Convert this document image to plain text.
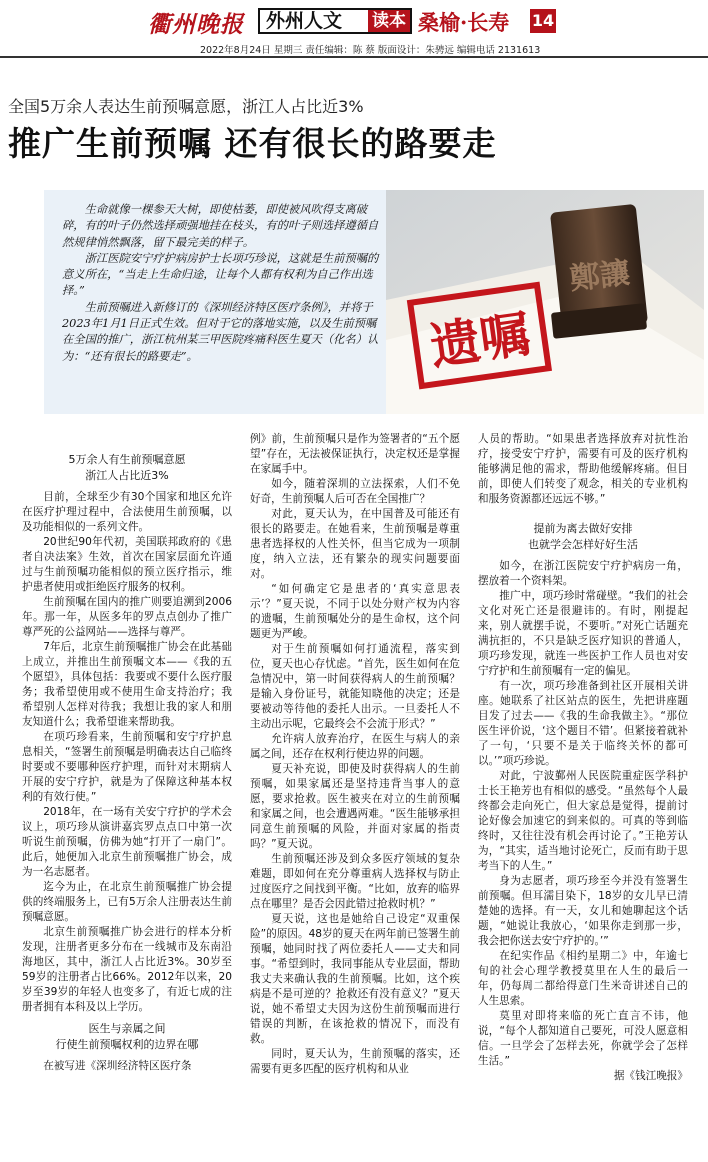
衢州晚报	外州人文	读本 桑榆·长寿 14
2022年8月24日 星期三 责任编辑：陈 蔡 版面设计：朱骋远 编辑电话 2131613
全国5万余人表达生前预嘱意愿，浙江人占比近3%
推广生前预嘱 还有很长的路要走

生命就像一棵参天大树，即使枯萎，即使被风吹得支离破碎，有的叶子仍然选择顽强地挂在枝头，有的叶子则选择遵循自然规律悄然飘落，留下最完美的样子。

浙江医院安宁疗护病房护士长项巧珍说，这就是生前预嘱的意义所在，“当走上生命归途，让每个人都有权利为自己作出选择。”

生前预嘱进入新修订的《深圳经济特区医疗条例》，并将于2023年1月1日正式生效。但对于它的落地实施，以及生前预嘱在全国的推广，浙江杭州某三甲医院疼痛科医生夏天（化名）认为：“还有很长的路要走”。

鄭讓
遗嘱
5万余人有生前预嘱意愿
浙江人占比近3%

目前，全球至少有30个国家和地区允许在医疗护理过程中，合法使用生前预嘱，以及功能相似的一系列文件。

20世纪90年代初，美国联邦政府的《患者自决法案》生效，首次在国家层面允许通过与生前预嘱功能相似的预立医疗指示，维护患者使用或拒绝医疗服务的权利。

生前预嘱在国内的推广则要追溯到2006年。那一年，从医多年的罗点点创办了推广尊严死的公益网站——选择与尊严。

7年后，北京生前预嘱推广协会在此基础上成立，并推出生前预嘱文本——《我的五个愿望》，具体包括：我要或不要什么医疗服务；我希望使用或不使用生命支持治疗；我希望别人怎样对待我；我想让我的家人和朋友知道什么；我希望谁来帮助我。

在项巧珍看来，生前预嘱和安宁疗护息息相关，“签署生前预嘱是明确表达自己临终时要或不要哪种医疗护理，而针对末期病人开展的安宁疗护，就是为了保障这种基本权利的有效行使。”

2018年，在一场有关安宁疗护的学术会议上，项巧珍从演讲嘉宾罗点点口中第一次听说生前预嘱，仿佛为她“打开了一扇门”。此后，她便加入北京生前预嘱推广协会，成为一名志愿者。

迄今为止，在北京生前预嘱推广协会提供的终端服务上，已有5万余人注册表达生前预嘱意愿。

北京生前预嘱推广协会进行的样本分析发现，注册者更多分布在一线城市及东南沿海地区，其中，浙江人占比近3%。30岁至59岁的注册者占比66%。2012年以来，20岁至39岁的年轻人也变多了，有近七成的注册者拥有本科及以上学历。

医生与亲属之间
行使生前预嘱权利的边界在哪

在被写进《深圳经济特区医疗条

例》前，生前预嘱只是作为签署者的“五个愿望”存在，无法被保证执行，决定权还是掌握在家属手中。

如今，随着深圳的立法探索，人们不免好奇，生前预嘱人后可否在全国推广？

对此，夏天认为，在中国普及可能还有很长的路要走。在她看来，生前预嘱是尊重患者选择权的人性关怀，但当它成为一项制度，纳入立法，还有繁杂的现实问题要面对。

“如何确定它是患者的‘真实意思表示’？”夏天说，不同于以处分财产权为内容的遗嘱，生前预嘱处分的是生命权，这个问题更为严峻。

对于生前预嘱如何打通流程，落实到位，夏天也心存忧虑。“首先，医生如何在危急情况中，第一时间获得病人的生前预嘱？是输入身份证号，就能知晓他的决定；还是要被动等待他的委托人出示。一旦委托人不主动出示呢，它最终会不会流于形式？”

允许病人放弃治疗，在医生与病人的亲属之间，还存在权利行使边界的问题。

夏天补充说，即使及时获得病人的生前预嘱，如果家属还是坚持违背当事人的意愿，要求抢救。医生被夹在对立的生前预嘱和家属之间，也会遭遇两难。“医生能够承担同意生前预嘱的风险，并面对家属的指责吗？”夏天说。

生前预嘱还涉及到众多医疗领域的复杂难题，即如何在充分尊重病人选择权与防止过度医疗之间找到平衡。“比如，放弃的临界点在哪里？是否会因此错过抢救时机？”

夏天说，这也是她给自己设定“双重保险”的原因。48岁的夏天在两年前已签署生前预嘱，她同时找了两位委托人——丈夫和同事。“希望到时，我同事能从专业层面，帮助我丈夫来确认我的生前预嘱。比如，这个疾病是不是可逆的？抢救还有没有意义？”夏天说，她不希望丈夫因为这份生前预嘱而进行错误的判断，在该抢救的情况下，而没有救。

同时，夏天认为，生前预嘱的落实，还需要有更多匹配的医疗机构和从业

人员的帮助。“如果患者选择放弃对抗性治疗，接受安宁疗护，需要有可及的医疗机构能够满足他的需求，帮助他缓解疼痛。但目前，即使人们转变了观念，相关的专业机构和服务资源都还远远不够。”

提前为离去做好安排
也就学会怎样好好生活

如今，在浙江医院安宁疗护病房一角，摆放着一个资料架。

推广中，项巧珍时常碰壁。“我们的社会文化对死亡还是很避讳的。有时，刚提起来，别人就摆手说，不要听。”对死亡话题充满抗拒的，不只是缺乏医疗知识的普通人，项巧珍发现，就连一些医护工作人员也对安宁疗护和生前预嘱有一定的偏见。

有一次，项巧珍准备到社区开展相关讲座。她联系了社区站点的医生，先把讲座题目发了过去——《我的生命我做主》。“那位医生评价说，‘这个题目不错’。但紧接着就补了一句，‘只要不是关于临终关怀的都可以。’”项巧珍说。

对此，宁波鄞州人民医院重症医学科护士长王艳芳也有相似的感受。“虽然每个人最终都会走向死亡，但大家总是觉得，提前讨论好像会加速它的到来似的。可真的等到临终时，又往往没有机会再讨论了。”王艳芳认为，“其实，适当地讨论死亡，反而有助于思考当下的人生。”

身为志愿者，项巧珍至今并没有签署生前预嘱。但耳濡目染下，18岁的女儿早已清楚她的选择。有一天，女儿和她聊起这个话题，“她说让我放心，‘如果你走到那一步，我会把你送去安宁疗护的。’”

在纪实作品《相约星期二》中，年逾七旬的社会心理学教授莫里在人生的最后一年，仍每周二都给得意门生米奇讲述自己的人生思索。

莫里对即将来临的死亡直言不讳，他说，“每个人都知道自己要死，可没人愿意相信。一旦学会了怎样去死，你就学会了怎样生活。”

据《钱江晚报》
